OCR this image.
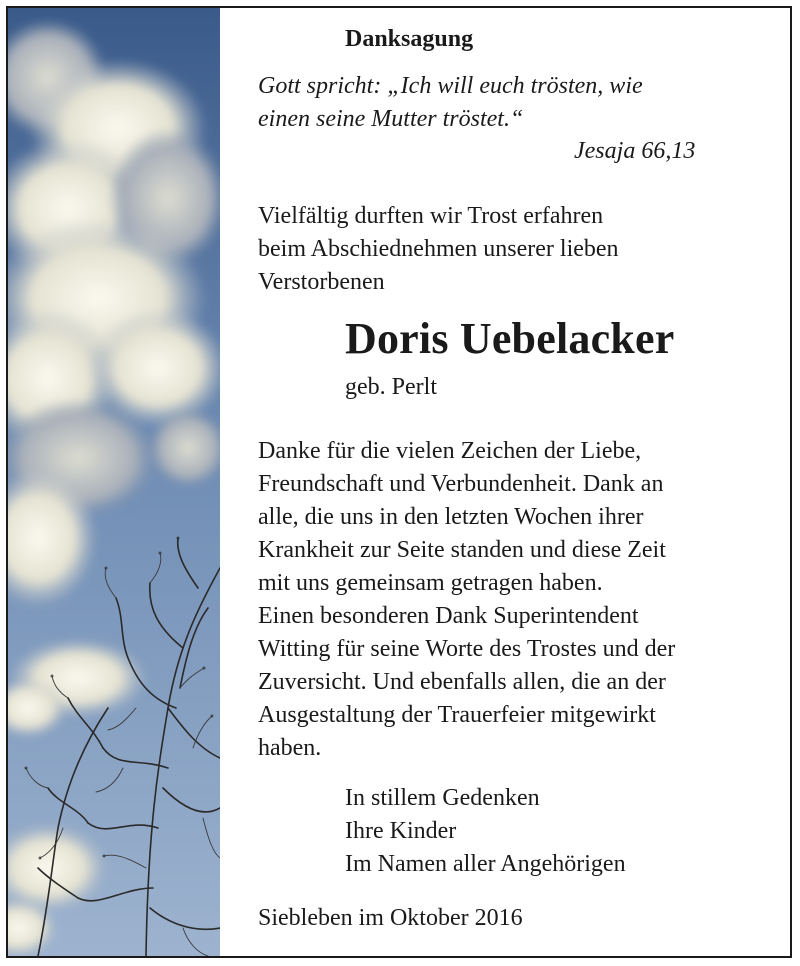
Danksagung
Gott spricht: „Ich will euch trösten, wie
einen seine Mutter tröstet.“
Jesaja 66,13
Vielfältig durften wir Trost erfahren
beim Abschiednehmen unserer lieben
Verstorbenen
Doris Uebelacker
geb. Perlt
Danke für die vielen Zeichen der Liebe,
Freundschaft und Verbundenheit. Dank an
alle, die uns in den letzten Wochen ihrer
Krankheit zur Seite standen und diese Zeit
mit uns gemeinsam getragen haben.
Einen besonderen Dank Superintendent
Witting für seine Worte des Trostes und der
Zuversicht. Und ebenfalls allen, die an der
Ausgestaltung der Trauerfeier mitgewirkt
haben.
In stillem Gedenken
Ihre Kinder
Im Namen aller Angehörigen
Siebleben im Oktober 2016
